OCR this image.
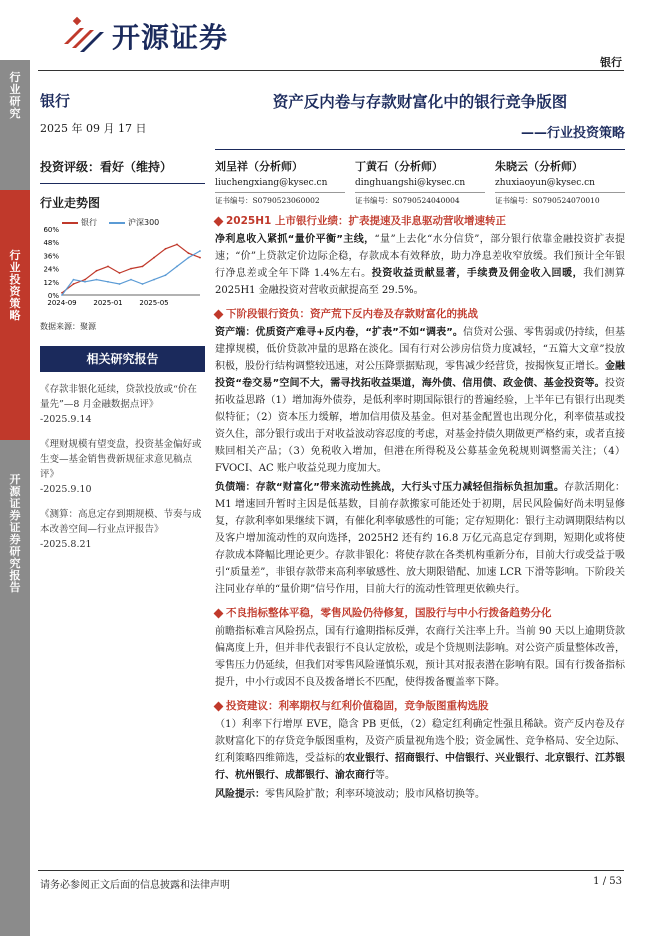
行业研究
行业投资策略
开源证券 证券研究报告
开源证券
银行
银行
2025 年 09 月 17 日
投资评级：看好（维持）
行业走势图
银行	沪深300
0%
12%
24%
36%
48%
60%
2024-09 2025-01 2025-05
数据来源：聚源
相关研究报告
《存款非银化延续，贷款投放或“价在量先”—8 月金融数据点评》
-2025.9.14
《理财规模有望变盘，投资基金偏好或生变—基金销售费新规征求意见稿点评》
-2025.9.10
《测算：高息定存到期规模、节奏与成本改善空间—行业点评报告》
-2025.8.21
资产反内卷与存款财富化中的银行竞争版图
——行业投资策略
刘呈祥（分析师）
liuchengxiang@kysec.cn
证书编号：S0790523060002
丁黄石（分析师）
dinghuangshi@kysec.cn
证书编号：S0790524040004
朱晓云（分析师）
zhuxiaoyun@kysec.cn
证书编号：S0790524070010
2025H1 上市银行业绩：扩表提速及非息驱动营收增速转正
净利息收入紧抓“量价平衡”主线，“量”上去化“水分信贷”，部分银行依靠金融投资扩表提速；“价”上贷款定价边际企稳，存款成本有效释放，助力净息差收窄放缓。我们预计全年银行净息差或全年下降 1.4%左右。投资收益贡献显著，手续费及佣金收入回暖，我们测算 2025H1 金融投资对营收贡献提高至 29.5%。
下阶段银行资负：资产荒下反内卷及存款财富化的挑战
资产端：优质资产难寻+反内卷，“扩表”不如“调表”。信贷对公强、零售弱或仍持续，但基建撑规模，低价贷款冲量的思路在淡化。国有行对公涉房信贷力度减轻，“五篇大文章”投放积极，股份行结构调整较迅速，对公压降票据贴现，零售减少经营贷，按揭恢复正增长。金融投资“卷交易”空间不大，需寻找拓收益渠道，海外债、信用债、政金债、基金投资等。投资拓收益思路（1）增加海外债券，是低利率时期国际银行的普遍经验，上半年已有银行出现类似特征；（2）资本压力缓解，增加信用债及基金。但对基金配置也出现分化，利率债基或投资久住，部分银行或出于对收益波动容忍度的考虑，对基金持债久期做更严格约束，或者直接赎回相关产品；（3）免税收入增加，但港在所得税及公募基金免税规则调整需关注；（4）FVOCI、AC 账户收益兑现力度加大。
负债端：存款“财富化”带来流动性挑战，大行头寸压力减轻但指标负担加重。存款活期化：M1 增速回升暂时主因是低基数，目前存款搬家可能还处于初期，居民风险偏好尚未明显修复，存款利率如果继续下调，有催化利率敏感性的可能；定存短期化：银行主动调期限结构以及客户增加流动性的双向选择，2025H2 还有约 16.8 万亿元高息定存到期，短期化或将使存款成本降幅比理论更少。存款非银化：将使存款在各类机构重新分布，目前大行或受益于吸引“质量差”，非银存款带来高利率敏感性、放大期限错配、加速 LCR 下滑等影响。下阶段关注同业存单的“量价期”信号作用，目前大行的流动性管理更依赖央行。
不良指标整体平稳，零售风险仍待修复，国股行与中小行拨备趋势分化
前瞻指标难言风险拐点，国有行逾期指标反弹，农商行关注率上升。当前 90 天以上逾期贷款偏离度上升，但并非代表银行不良认定放松，或是个贷规则法影响。对公资产质量整体改善，零售压力仍延续，但我们对零售风险谨慎乐观，预计其对报表潜在影响有限。国有行拨备指标提升，中小行或因不良及拨备增长不匹配，使得拨备覆盖率下降。
投资建议：利率期权与红利价值稳固，竞争版图重构选股
（1）利率下行增厚 EVE，隐含 PB 更低，（2）稳定红利确定性强且稀缺。资产反内卷及存款财富化下的存贷竞争版图重构，及资产质量视角选个股；资金属性、竞争格局、安全边际、红利策略四维筛选，受益标的农业银行、招商银行、中信银行、兴业银行、北京银行、江苏银行、杭州银行、成都银行、渝农商行等。
风险提示：零售风险扩散；利率环境波动；股市风格切换等。
请务必参阅正文后面的信息披露和法律声明	1 / 53
